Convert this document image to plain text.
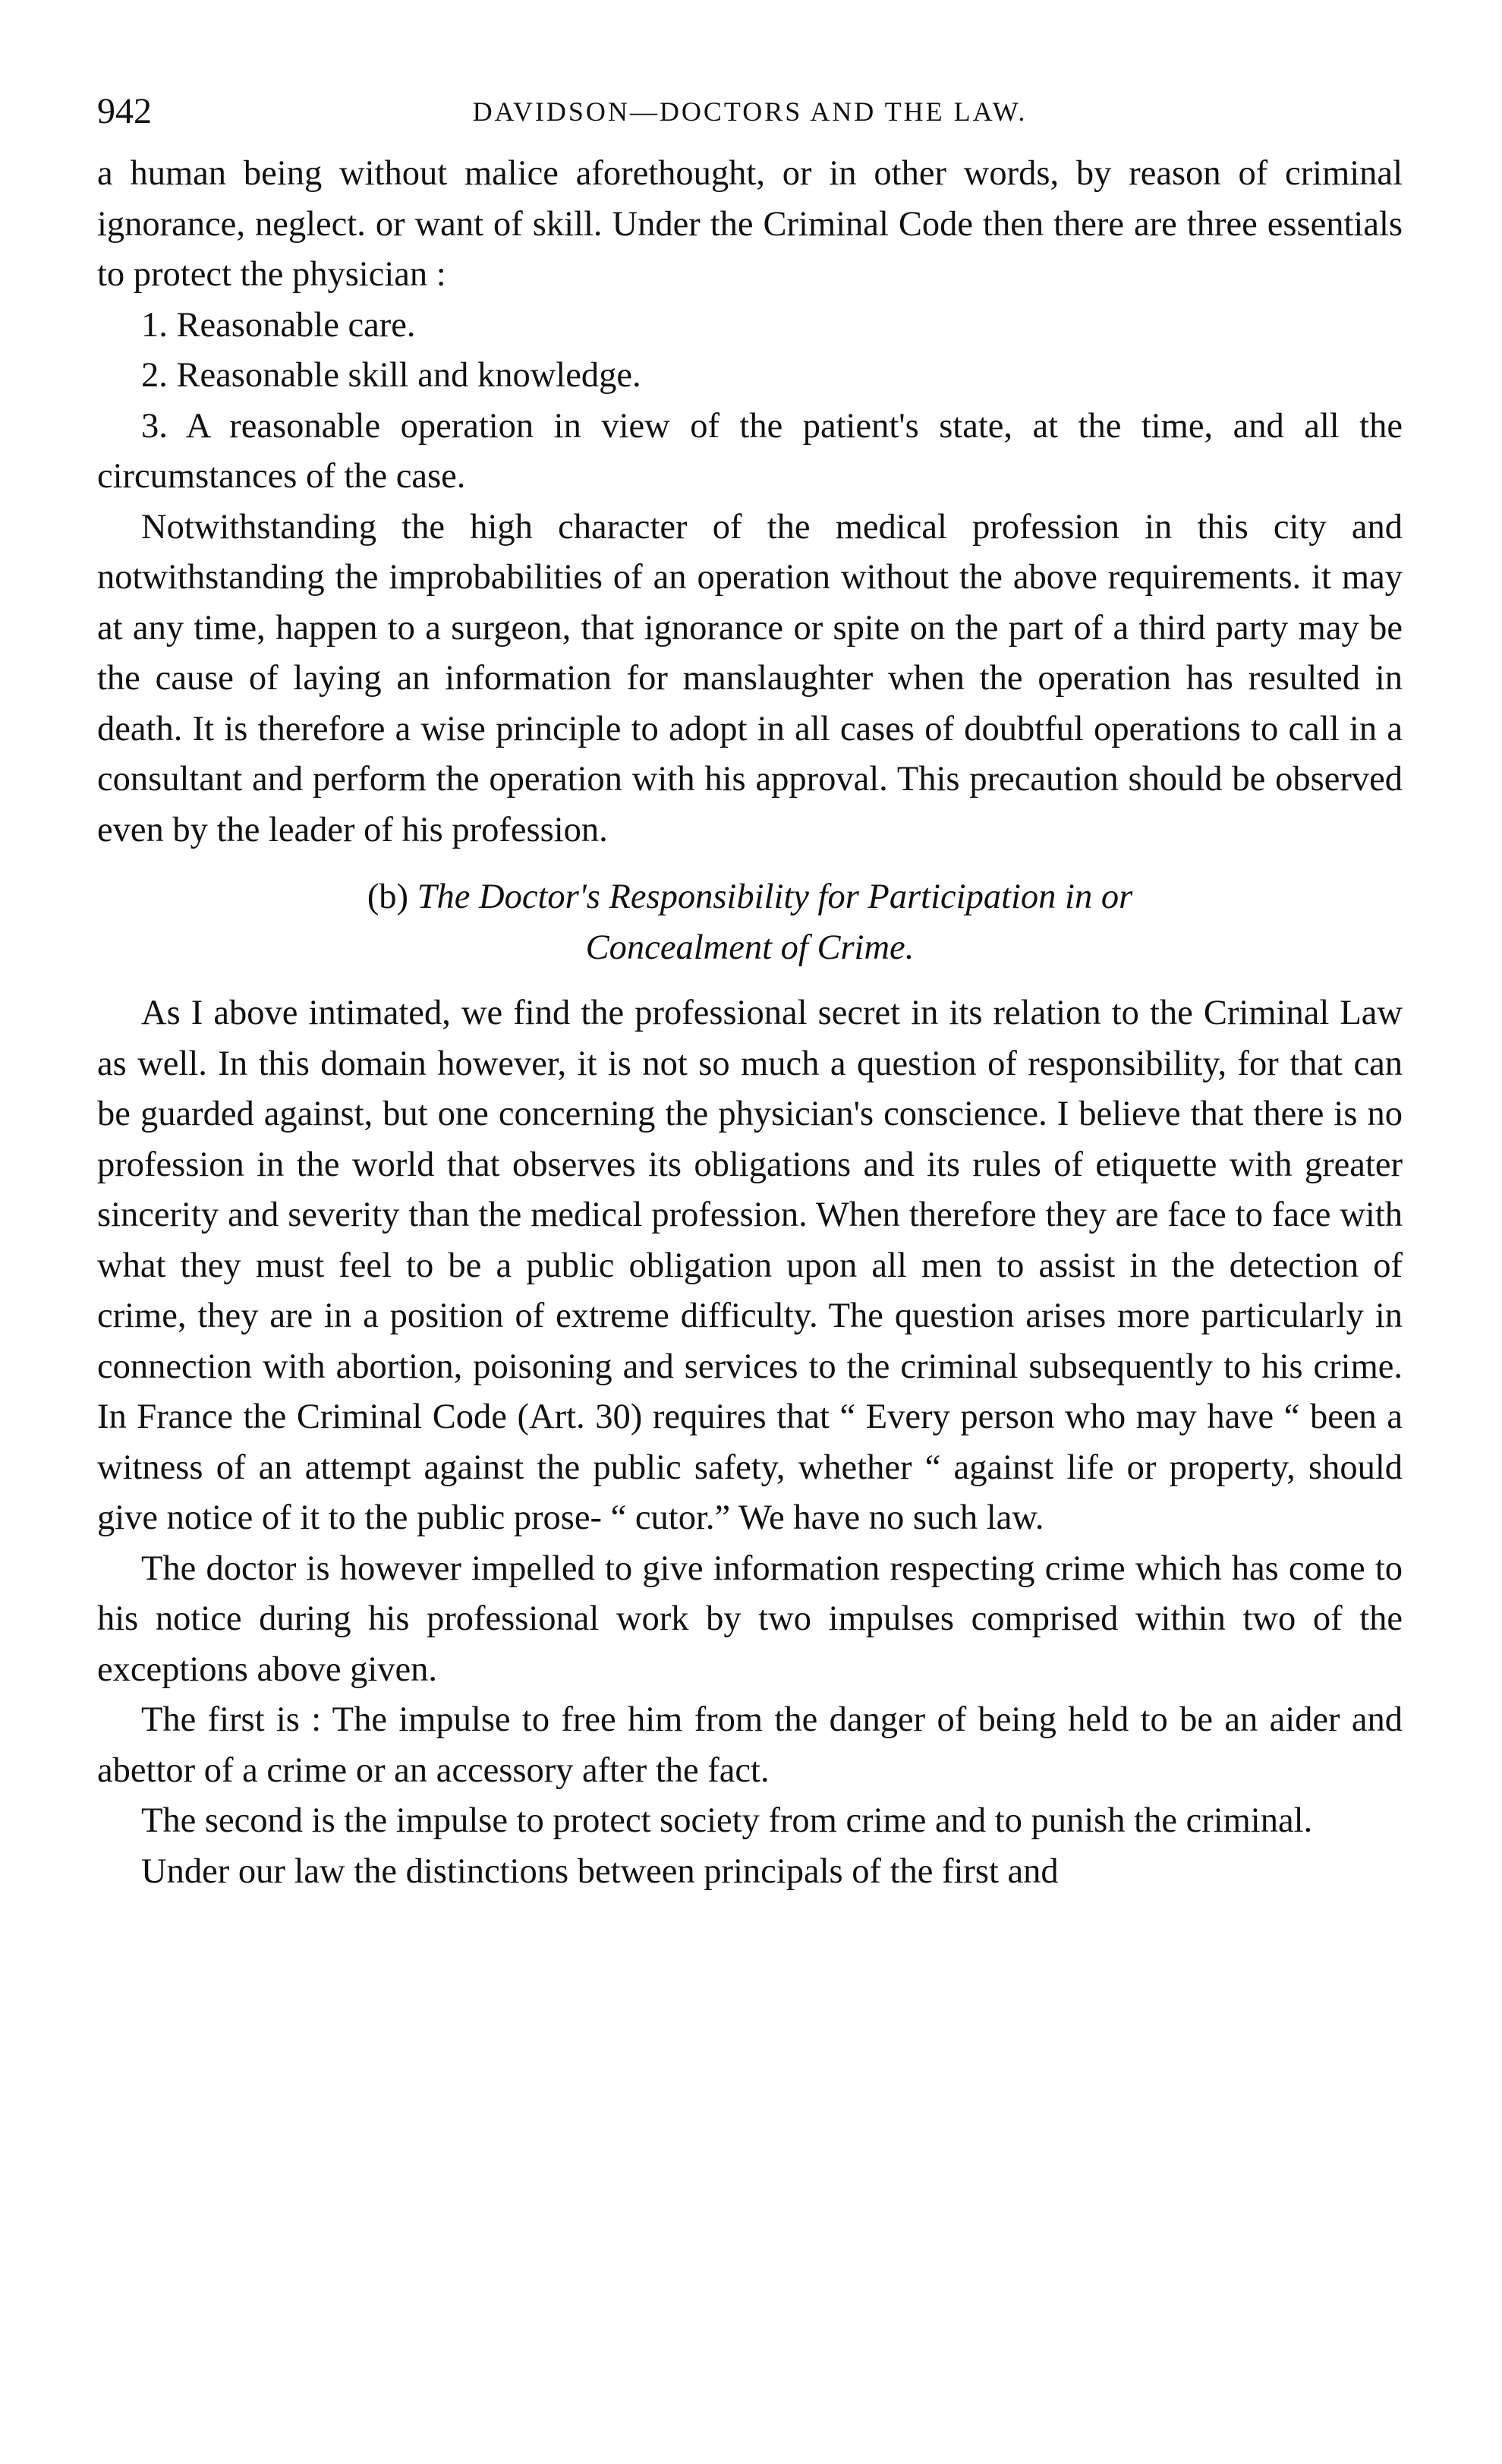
942	DAVIDSON—DOCTORS AND THE LAW.

a human being without malice aforethought, or in other words, by reason of criminal ignorance, neglect. or want of skill. Under the Criminal Code then there are three essentials to protect the physician :

1. Reasonable care.

2. Reasonable skill and knowledge.

3. A reasonable operation in view of the patient's state, at the time, and all the circumstances of the case.

Notwithstanding the high character of the medical profession in this city and notwithstanding the improbabilities of an operation without the above requirements. it may at any time, happen to a surgeon, that ignorance or spite on the part of a third party may be the cause of laying an information for manslaughter when the operation has resulted in death. It is therefore a wise principle to adopt in all cases of doubtful operations to call in a consultant and perform the operation with his approval. This precaution should be observed even by the leader of his profession.

(b) The Doctor's Responsibility for Participation in or
Concealment of Crime.

As I above intimated, we find the professional secret in its relation to the Criminal Law as well. In this domain however, it is not so much a question of responsibility, for that can be guarded against, but one concerning the physician's conscience. I believe that there is no profession in the world that observes its obligations and its rules of etiquette with greater sincerity and severity than the medical profession. When therefore they are face to face with what they must feel to be a public obligation upon all men to assist in the detection of crime, they are in a position of extreme difficulty. The question arises more particularly in connection with abortion, poisoning and services to the criminal subsequently to his crime. In France the Criminal Code (Art. 30) requires that “ Every person who may have “ been a witness of an attempt against the public safety, whether “ against life or property, should give notice of it to the public prose- “ cutor.” We have no such law.

The doctor is however impelled to give information respecting crime which has come to his notice during his professional work by two impulses comprised within two of the exceptions above given.

The first is : The impulse to free him from the danger of being held to be an aider and abettor of a crime or an accessory after the fact.

The second is the impulse to protect society from crime and to punish the criminal.

Under our law the distinctions between principals of the first and
